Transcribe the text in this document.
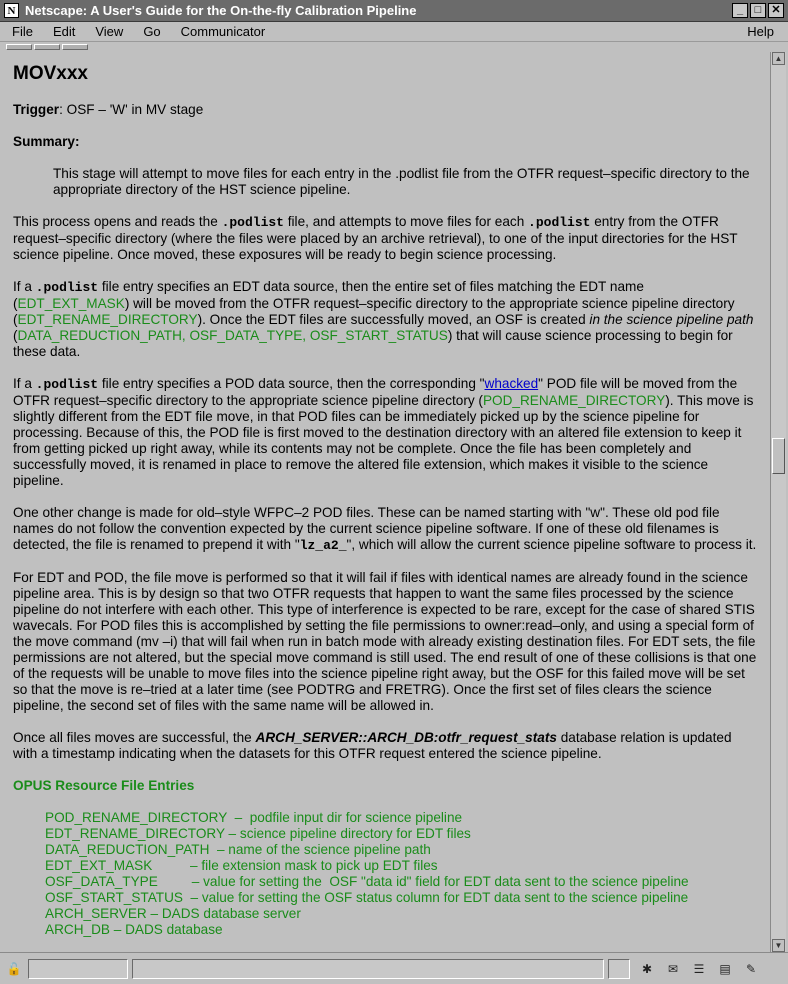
N Netscape: A User's Guide for the On-the-fly Calibration Pipeline	_	□ ✕
File	Edit	View	Go	Communicator	Help
MOVxxx

Trigger: OSF – 'W' in MV stage

Summary:

This stage will attempt to move files for each entry in the .podlist file from the OTFR request–specific directory to the appropriate directory of the HST science pipeline.

This process opens and reads the .podlist file, and attempts to move files for each .podlist entry from the OTFR request–specific directory (where the files were placed by an archive retrieval), to one of the input directories for the HST science pipeline. Once moved, these exposures will be ready to begin science processing.

If a .podlist file entry specifies an EDT data source, then the entire set of files matching the EDT name (EDT_EXT_MASK) will be moved from the OTFR request–specific directory to the appropriate science pipeline directory (EDT_RENAME_DIRECTORY). Once the EDT files are successfully moved, an OSF is created in the science pipeline path (DATA_REDUCTION_PATH, OSF_DATA_TYPE, OSF_START_STATUS) that will cause science processing to begin for these data.

If a .podlist file entry specifies a POD data source, then the corresponding "whacked" POD file will be moved from the OTFR request–specific directory to the appropriate science pipeline directory (POD_RENAME_DIRECTORY). This move is slightly different from the EDT file move, in that POD files can be immediately picked up by the science pipeline for processing. Because of this, the POD file is first moved to the destination directory with an altered file extension to keep it from getting picked up right away, while its contents may not be complete. Once the file has been completely and successfully moved, it is renamed in place to remove the altered file extension, which makes it visible to the science pipeline.

One other change is made for old–style WFPC–2 POD files. These can be named starting with "w". These old pod file names do not follow the convention expected by the current science pipeline software. If one of these old filenames is detected, the file is renamed to prepend it with "lz_a2_", which will allow the current science pipeline software to process it.

For EDT and POD, the file move is performed so that it will fail if files with identical names are already found in the science pipeline area. This is by design so that two OTFR requests that happen to want the same files processed by the science pipeline do not interfere with each other. This type of interference is expected to be rare, except for the case of shared STIS wavecals. For POD files this is accomplished by setting the file permissions to owner:read–only, and using a special form of the move command (mv –i) that will fail when run in batch mode with already existing destination files. For EDT sets, the file permissions are not altered, but the special move command is still used. The end result of one of these collisions is that one of the requests will be unable to move files into the science pipeline right away, but the OSF for this failed move will be set so that the move is re–tried at a later time (see PODTRG and FRETRG). Once the first set of files clears the science pipeline, the second set of files with the same name will be allowed in.

Once all files moves are successful, the ARCH_SERVER::ARCH_DB:otfr_request_stats database relation is updated with a timestamp indicating when the datasets for this OTFR request entered the science pipeline.

OPUS Resource File Entries

POD_RENAME_DIRECTORY  –  podfile input dir for science pipeline
EDT_RENAME_DIRECTORY – science pipeline directory for EDT files
DATA_REDUCTION_PATH  – name of the science pipeline path
EDT_EXT_MASK          – file extension mask to pick up EDT files
OSF_DATA_TYPE         – value for setting the  OSF "data id" field for EDT data sent to the science pipeline
OSF_START_STATUS  – value for setting the OSF status column for EDT data sent to the science pipeline
ARCH_SERVER – DADS database server
ARCH_DB – DADS database
▲
▼
🔓	✱	✉	☰	▤	✎
